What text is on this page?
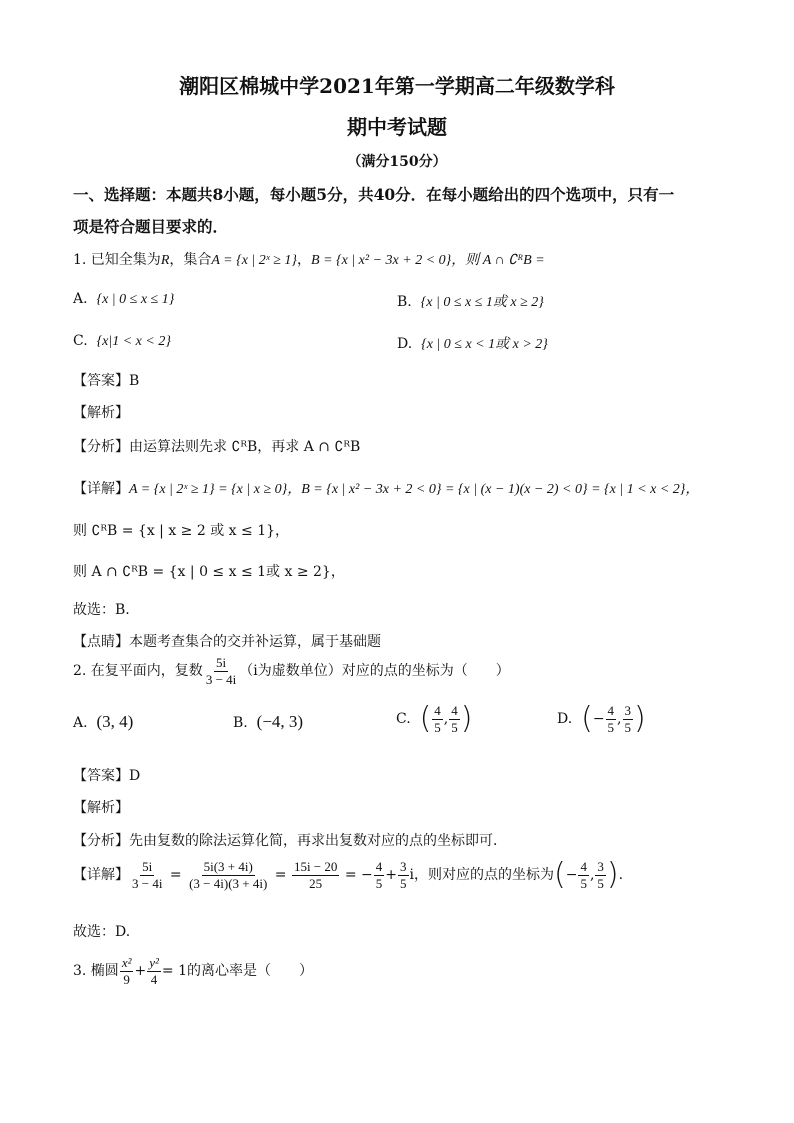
潮阳区棉城中学2021年第一学期高二年级数学科
期中考试题
（满分150分）
一、选择题：本题共8小题，每小题5分，共40分．在每小题给出的四个选项中，只有一
项是符合题目要求的．
1. 已知全集为R，集合A = {x | 2ˣ ≥ 1}，B = {x | x² − 3x + 2 < 0}，则 A ∩ ∁ᴿB =
A. {x | 0 ≤ x ≤ 1}	B. {x | 0 ≤ x ≤ 1或 x ≥ 2}
C. {x|1 < x < 2}	D. {x | 0 ≤ x < 1或 x > 2}
【答案】B
【解析】
【分析】由运算法则先求 ∁ᴿB，再求 A ∩ ∁ᴿB
【详解】A = {x | 2ˣ ≥ 1} = {x | x ≥ 0}，B = {x | x² − 3x + 2 < 0} = {x | (x − 1)(x − 2) < 0} = {x | 1 < x < 2}，
则 ∁ᴿB = {x | x ≥ 2 或 x ≤ 1}，
则 A ∩ ∁ᴿB = {x | 0 ≤ x ≤ 1或 x ≥ 2}，
故选：B.
【点睛】本题考查集合的交并补运算，属于基础题
2. 在复平面内，复数 $\frac{5i}{3 - 4i} (i$为虚数单位）对应的点的坐标为（　　）
A. (3, 4)	B. (−4, 3)	C. ( $\frac{4}{5}$ , $\frac{4}{5}$ )	D. (− $\frac{4}{5}$ , $\frac{3}{5}$ )
【答案】D
【解析】
【分析】先由复数的除法运算化简，再求出复数对应的点的坐标即可．
【详解】 $\frac{5i}{3 - 4i} = \frac{5i(3 + 4i)}{(3 - 4i)(3 + 4i)} = \frac{15i - 20}{25}$ = − $\frac{4}{5} + \frac{3}{5}$ i，则对应的点的坐标为(− $\frac{4}{5}$ , $\frac{3}{5}$ ).
故选：D.
3. 椭圆 $\frac{\text{x²}}{9} + \frac{\text{y²}}{4} = 1$的离心率是（　　）
